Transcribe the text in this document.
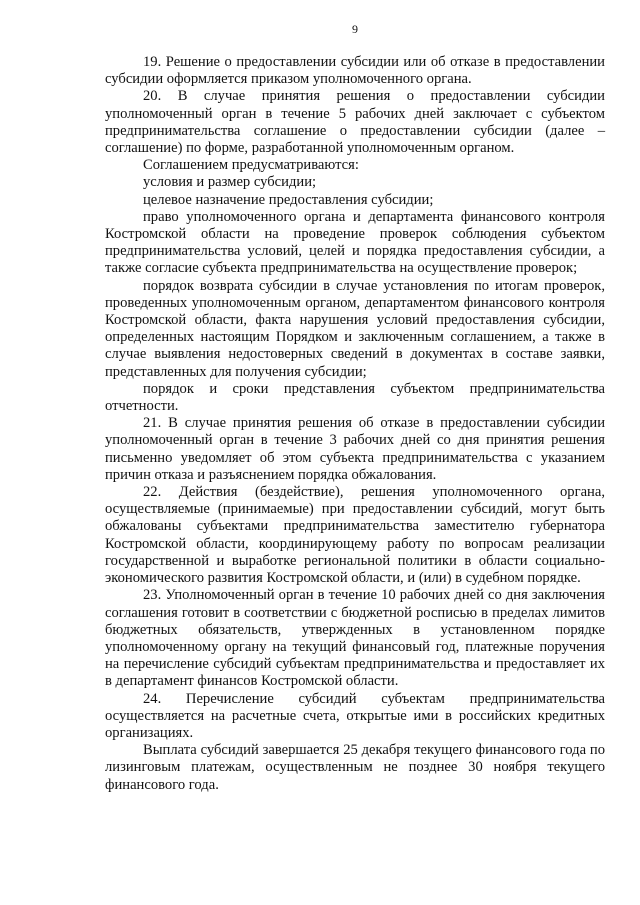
9

19. Решение о предоставлении субсидии или об отказе в предоставлении субсидии оформляется приказом уполномоченного органа.

20. В случае принятия решения о предоставлении субсидии уполномоченный орган в течение 5 рабочих дней заключает с субъектом предпринимательства соглашение о предоставлении субсидии (далее – соглашение) по форме, разработанной уполномоченным органом.

Соглашением предусматриваются:

условия и размер субсидии;

целевое назначение предоставления субсидии;

право уполномоченного органа и департамента финансового контроля Костромской области на проведение проверок соблюдения субъектом предпринимательства условий, целей и порядка предоставления субсидии, а также согласие субъекта предпринимательства на осуществление проверок;

порядок возврата субсидии в случае установления по итогам проверок, проведенных уполномоченным органом, департаментом финансового контроля Костромской области, факта нарушения условий предоставления субсидии, определенных настоящим Порядком и заключенным соглашением, а также в случае выявления недостоверных сведений в документах в составе заявки, представленных для получения субсидии;

порядок и сроки представления субъектом предпринимательства отчетности.

21. В случае принятия решения об отказе в предоставлении субсидии уполномоченный орган в течение 3 рабочих дней со дня принятия решения письменно уведомляет об этом субъекта предпринимательства с указанием причин отказа и разъяснением порядка обжалования.

22. Действия (бездействие), решения уполномоченного органа, осуществляемые (принимаемые) при предоставлении субсидий, могут быть обжалованы субъектами предпринимательства заместителю губернатора Костромской области, координирующему работу по вопросам реализации государственной и выработке региональной политики в области социально-экономического развития Костромской области, и (или) в судебном порядке.

23. Уполномоченный орган в течение 10 рабочих дней со дня заключения соглашения готовит в соответствии с бюджетной росписью в пределах лимитов бюджетных обязательств, утвержденных в установленном порядке уполномоченному органу на текущий финансовый год, платежные поручения на перечисление субсидий субъектам предпринимательства и предоставляет их в департамент финансов Костромской области.

24. Перечисление субсидий субъектам предпринимательства осуществляется на расчетные счета, открытые ими в российских кредитных организациях.

Выплата субсидий завершается 25 декабря текущего финансового года по лизинговым платежам, осуществленным не позднее 30 ноября текущего финансового года.
